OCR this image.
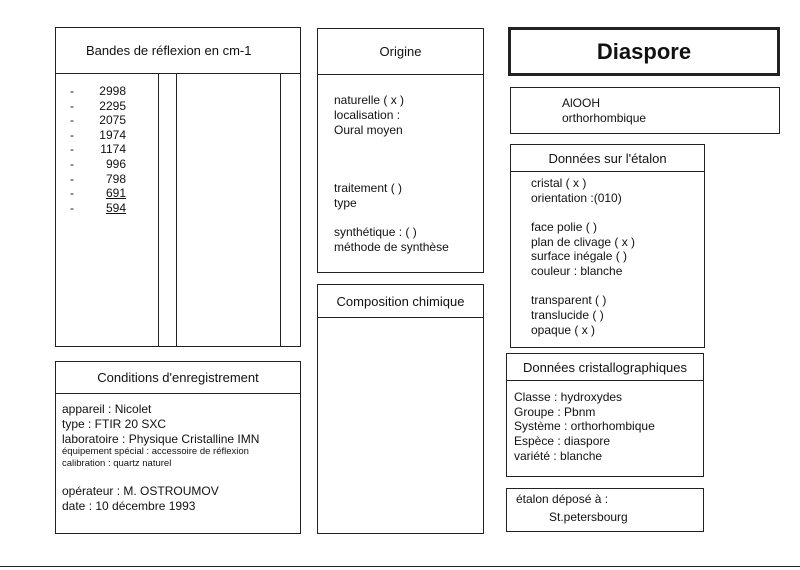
Bandes de réflexion en cm-1
- 2998
- 2295
- 2075
- 1974
- 1174
-	996
-	798
-	691
-	594
Origine
naturelle ( x )
localisation :
Oural moyen
traitement ( )
type
synthétique : ( )
méthode de synthèse
Composition chimique
Diaspore
AlOOH
orthorhombique
Données sur l'étalon
cristal ( x )
orientation :(010)
face polie ( )
plan de clivage ( x )
surface inégale ( )
couleur : blanche
transparent ( )
translucide ( )
opaque ( x )
Données cristallographiques
Classe : hydroxydes
Groupe : Pbnm
Système : orthorhombique
Espèce : diaspore
variété : blanche
étalon déposé à :
St.petersbourg
Conditions d'enregistrement
appareil : Nicolet
type : FTIR 20 SXC
laboratoire : Physique Cristalline IMN
équipement spécial : accessoire de réflexion
calibration : quartz naturel
opérateur : M. OSTROUMOV
date : 10 décembre 1993
